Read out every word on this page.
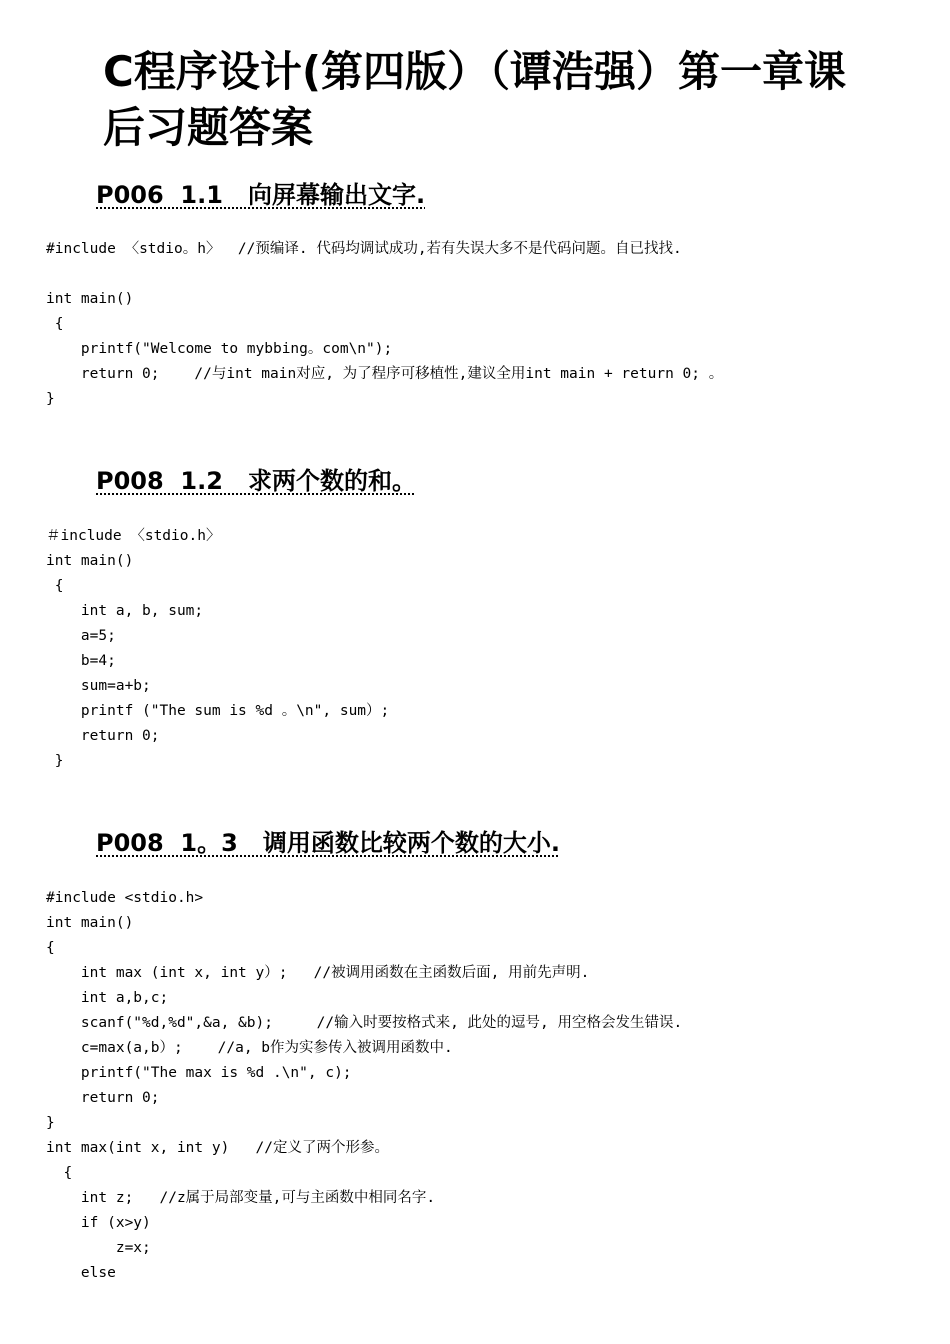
C程序设计(第四版）（谭浩强）第一章课
后习题答案
P006  1.1   向屏幕输出文字.
#include 〈stdio。h〉  //预编译. 代码均调试成功,若有失误大多不是代码问题。自已找找.
int main()
{
printf("Welcome to mybbing。com\n");
return 0;    //与int main对应, 为了程序可移植性,建议全用int main + return 0; 。
}
P008  1.2   求两个数的和。
＃include 〈stdio.h〉
int main()
{
int a, b, sum;
a=5;
b=4;
sum=a+b;
printf ("The sum is %d 。\n", sum）;
return 0;
}
P008  1。3   调用函数比较两个数的大小.
#include <stdio.h>
int main()
{
int max (int x, int y）;   //被调用函数在主函数后面, 用前先声明.
int a,b,c;
scanf("%d,%d",&a, &b);     //输入时要按格式来, 此处的逗号, 用空格会发生错误.
c=max(a,b）;    //a, b作为实参传入被调用函数中.
printf("The max is %d .\n", c);
return 0;
}
int max(int x, int y)   //定义了两个形参。
{
int z;   //z属于局部变量,可与主函数中相同名字.
if (x>y)
z=x;
else
